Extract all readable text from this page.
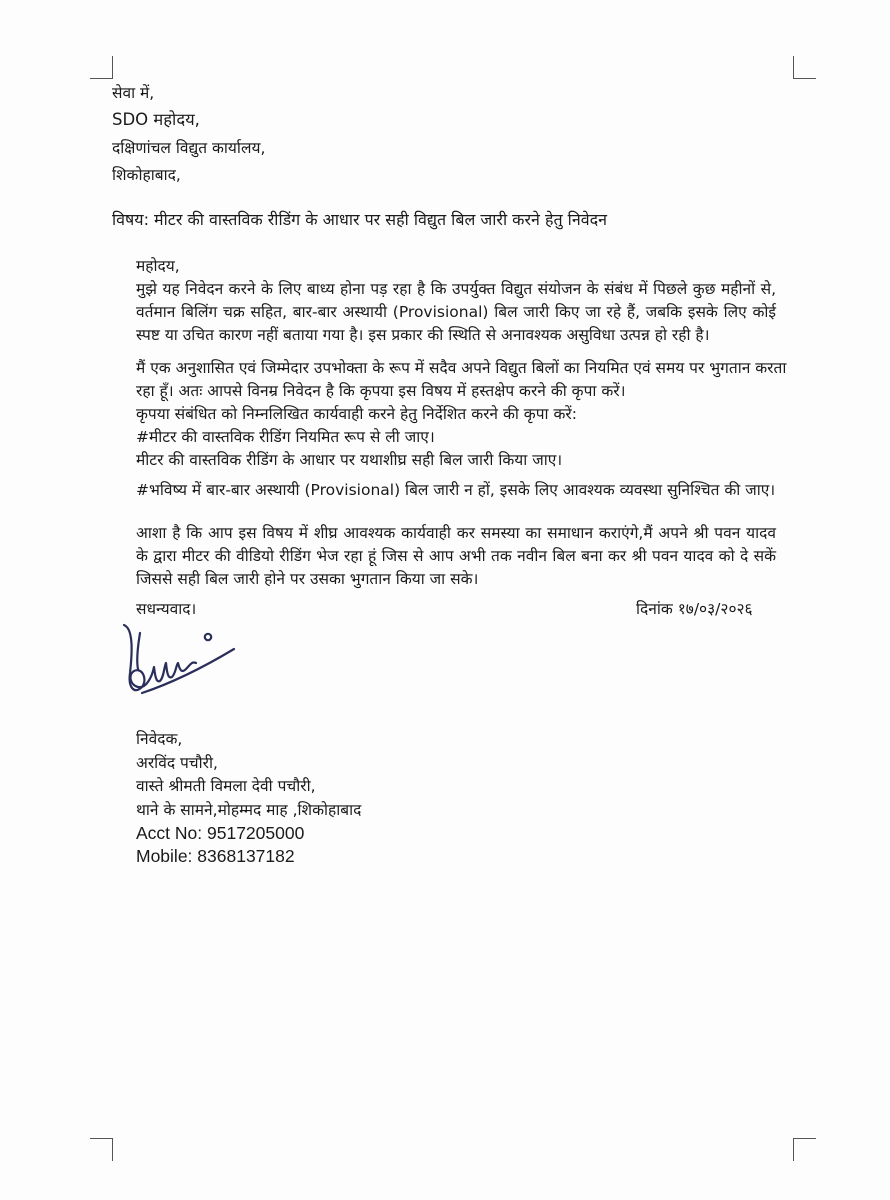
सेवा में,
SDO महोदय,
दक्षिणांचल विद्युत कार्यालय,
शिकोहाबाद,
विषय: मीटर की वास्तविक रीडिंग के आधार पर सही विद्युत बिल जारी करने हेतु निवेदन
महोदय,
मुझे यह निवेदन करने के लिए बाध्य होना पड़ रहा है कि उपर्युक्त विद्युत संयोजन के संबंध में पिछले कुछ महीनों से, वर्तमान बिलिंग चक्र सहित, बार-बार अस्थायी (Provisional) बिल जारी किए जा रहे हैं, जबकि इसके लिए कोई स्पष्ट या उचित कारण नहीं बताया गया है। इस प्रकार की स्थिति से अनावश्यक असुविधा उत्पन्न हो रही है।
मैं एक अनुशासित एवं जिम्मेदार उपभोक्ता के रूप में सदैव अपने विद्युत बिलों का नियमित एवं समय पर भुगतान करता
रहा हूँ। अतः आपसे विनम्र निवेदन है कि कृपया इस विषय में हस्तक्षेप करने की कृपा करें।
कृपया संबंधित को निम्नलिखित कार्यवाही करने हेतु निर्देशित करने की कृपा करें:
#मीटर की वास्तविक रीडिंग नियमित रूप से ली जाए।
मीटर की वास्तविक रीडिंग के आधार पर यथाशीघ्र सही बिल जारी किया जाए।
#भविष्य में बार-बार अस्थायी (Provisional) बिल जारी न हों, इसके लिए आवश्यक व्यवस्था सुनिश्चित की जाए।
आशा है कि आप इस विषय में शीघ्र आवश्यक कार्यवाही कर समस्या का समाधान कराएंगे,मैं अपने श्री पवन यादव के द्वारा मीटर की वीडियो रीडिंग भेज रहा हूं जिस से आप अभी तक नवीन बिल बना कर श्री पवन यादव को दे सकें जिससे सही बिल जारी होने पर उसका भुगतान किया जा सके।
सधन्यवाद।	दिनांक १७/०३/२०२६
निवेदक,
अरविंद पचौरी,
वास्ते श्रीमती विमला देवी पचौरी,
थाने के सामने,मोहम्मद माह ,शिकोहाबाद
Acct No: 9517205000
Mobile: 8368137182
